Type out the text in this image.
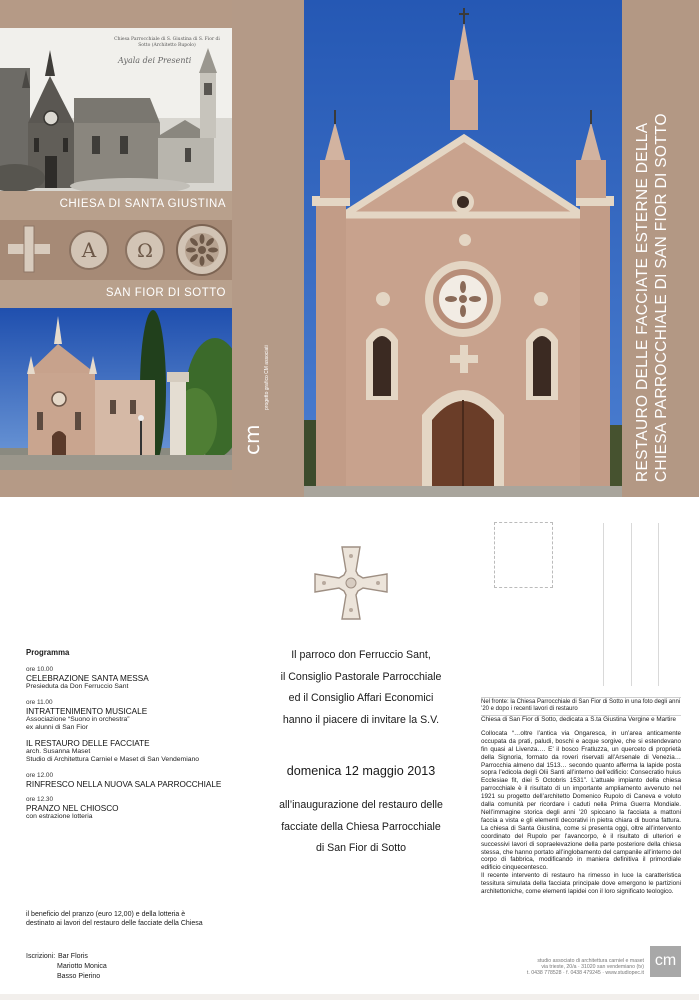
Chiesa Parrocchiale di S. Giustina di S. Fior di Sotto (Architetto Rupolo)
Ayala dei Presenti
CHIESA DI SANTA GIUSTINA
A Ω
SAN FIOR DI SOTTO
cm
progetto grafico CM associati	RESTAURO DELLE FACCIATE ESTERNE DELLA CHIESA PARROCCHIALE DI SAN FIOR DI SOTTO
Programma
ore 10.00
CELEBRAZIONE SANTA MESSA
Presieduta da Don Ferruccio Sant
ore 11.00
INTRATTENIMENTO MUSICALE
Associazione “Suono in orchestra”
ex alunni di San Fior
IL RESTAURO DELLE FACCIATE
arch. Susanna Maset
Studio di Architettura Carniel e Maset di San Vendemiano
ore 12.00
RINFRESCO NELLA NUOVA SALA PARROCCHIALE
ore 12.30
PRANZO NEL CHIOSCO
con estrazione lotteria
il beneficio del pranzo (euro 12,00) e della lotteria è
destinato ai lavori del restauro delle facciate della Chiesa
Iscrizioni: Bar Floris
Mariotto Monica
Basso Pierino
Il parroco don Ferruccio Sant,
il Consiglio Pastorale Parrocchiale
ed il Consiglio Affari Economici
hanno il piacere di invitare la S.V.
domenica 12 maggio 2013
all’inaugurazione del restauro delle
facciate della Chiesa Parrocchiale
di San Fior di Sotto
Nel fronte: la Chiesa Parrocchiale di San Fior di Sotto in una foto degli anni ’20 e dopo i recenti lavori di restauro
Chiesa di San Fior di Sotto, dedicata a S.ta Giustina Vergine e Martire

Collocata “…oltre l’antica via Ongaresca, in un’area anticamente occupata da prati, paludi, boschi e acque sorgive, che si estendevano fin quasi al Livenza…. E’ il bosco Fratluzza, un querceto di proprietà della Signoria, formato da roveri riservati all’Arsenale di Venezia… Parrocchia almeno dal 1513… secondo quanto afferma la lapide posta sopra l’edicola degli Olii Santi all’interno dell’edificio: Consecratio huius Ecclesiae fit, diei 5 Octobris 1531”. L’attuale impianto della chiesa parrocchiale è il risultato di un importante ampliamento avvenuto nel 1921 su progetto dell’architetto Domenico Rupolo di Caneva e voluto dalla comunità per ricordare i caduti nella Prima Guerra Mondiale. Nell’immagine storica degli anni ’20 spiccano la facciata a mattoni faccia a vista e gli elementi decorativi in pietra chiara di buona fattura. La chiesa di Santa Giustina, come si presenta oggi, oltre all’intervento coordinato del Rupolo per l’avancorpo, è il risultato di ulteriori e successivi lavori di sopraelevazione della parte posteriore della chiesa stessa, che hanno portato all’inglobamento del campanile all’interno del corpo di fabbrica, modificando in maniera definitiva il primordiale edificio cinquecentesco.

Il recente intervento di restauro ha rimesso in luce la caratteristica tessitura simulata della facciata principale dove emergono le partizioni architettoniche, come elementi lapidei con il loro significato teologico.

studio associato di architettura carniel e maset
via trieste, 20/a · 31020 san vendemiano (tv)
t. 0438 778528 · f. 0438 479245 · www.studiopec.it
cm
